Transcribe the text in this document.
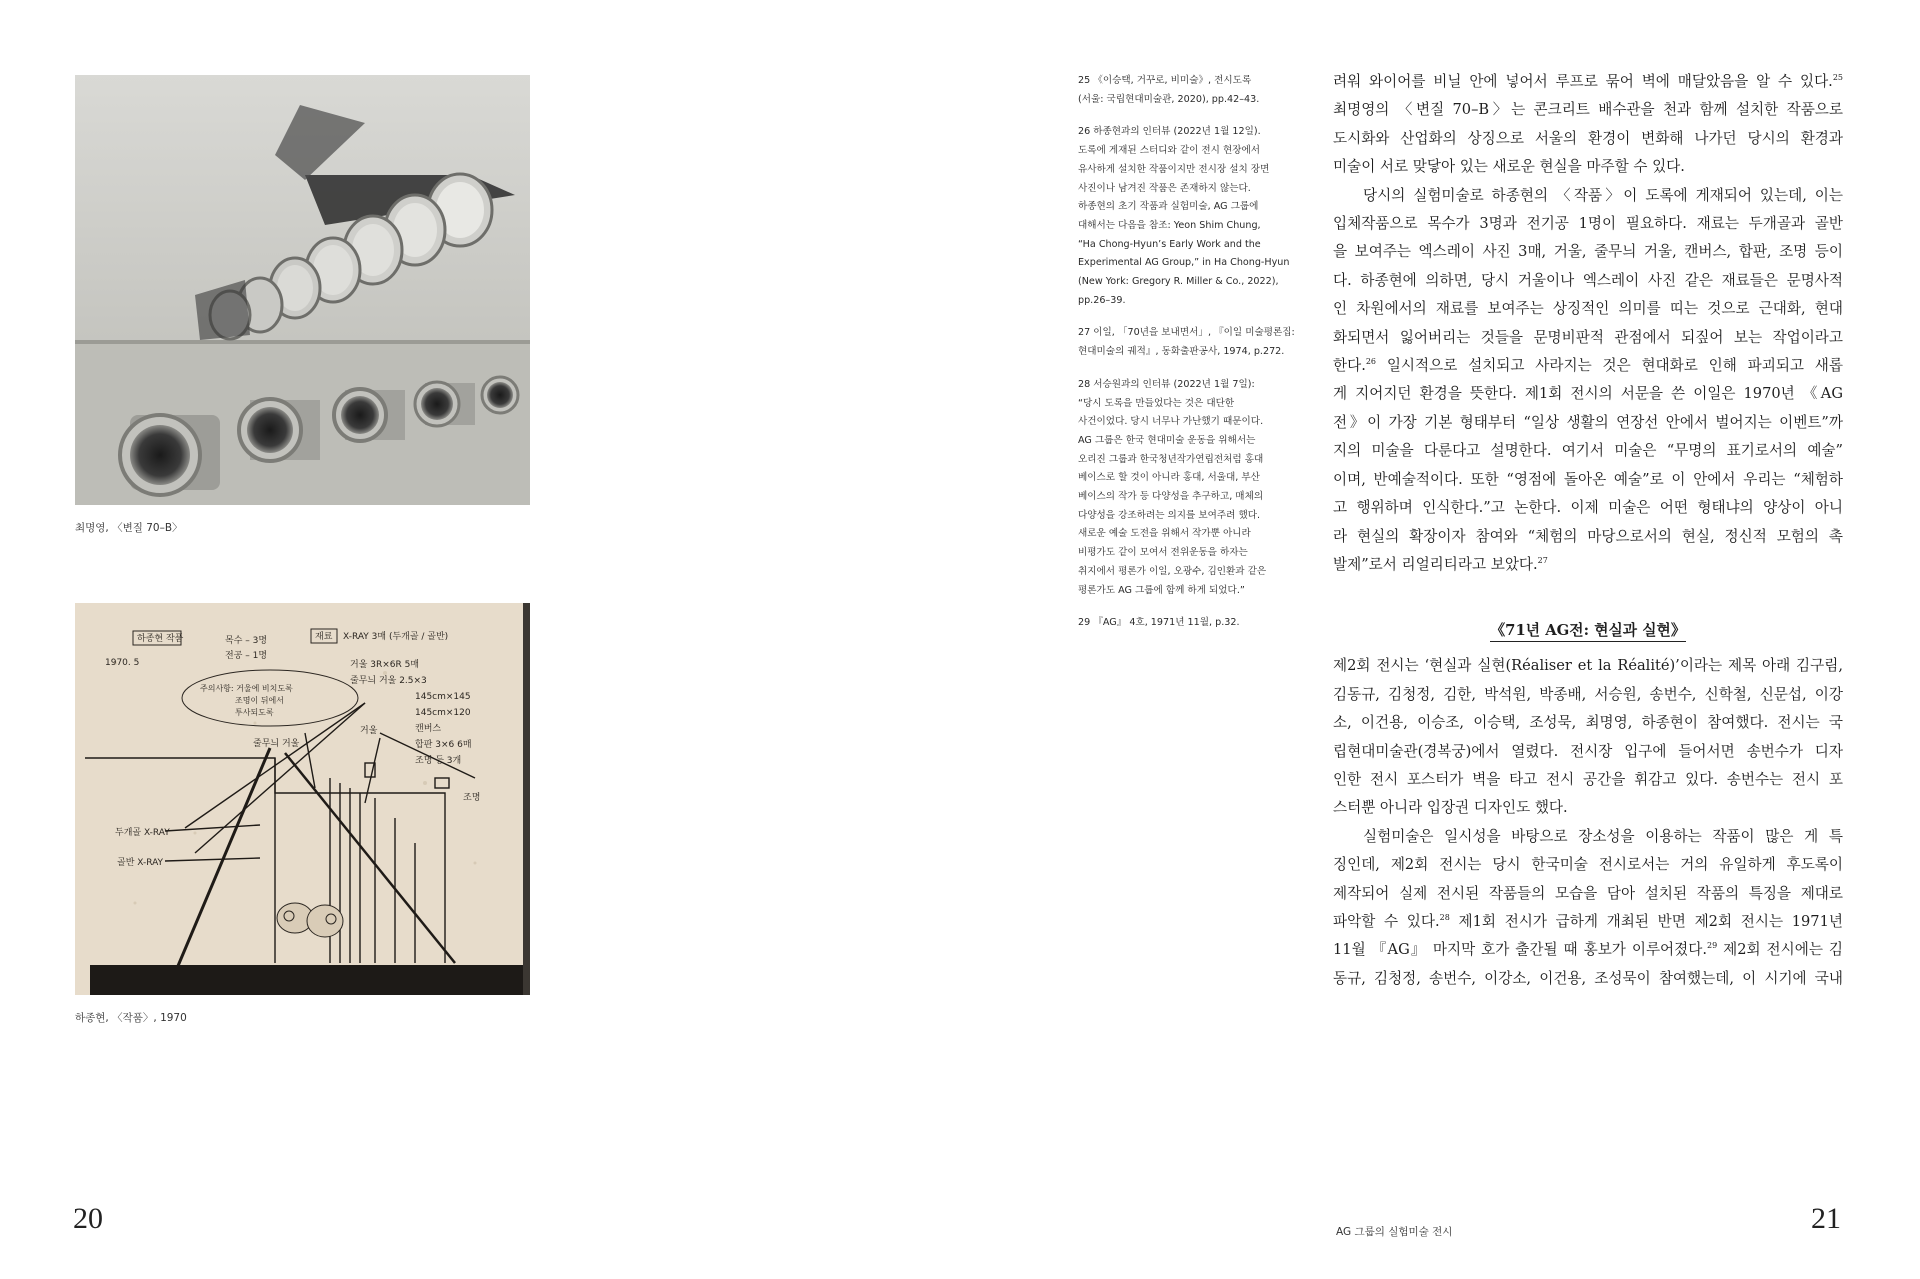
최명영, 〈변질 70–B〉
하종현 작품
1970. 5
목수 – 3명
전공 – 1명
재료 X-RAY 3매 (두개골 / 골반)
거울 3R×6R 5매
줄무늬 거울 2.5×3
145cm×145
145cm×120
캔버스
합판 3×6 6매
조명 등 3개
주의사항: 거울에 비치도록
조명이 뒤에서
투사되도록
줄무늬 거울
거울
두개골 X-RAY
골반 X-RAY
조명
하종현, 〈작품〉, 1970
20
25 《이승택, 거꾸로, 비미술》, 전시도록
(서울: 국립현대미술관, 2020), pp.42–43.
26 하종현과의 인터뷰 (2022년 1월 12일).
도록에 게재된 스터디와 같이 전시 현장에서
유사하게 설치한 작품이지만 전시장 설치 장면
사진이나 남겨진 작품은 존재하지 않는다.
하종현의 초기 작품과 실험미술, AG 그룹에
대해서는 다음을 참조: Yeon Shim Chung,
“Ha Chong-Hyun’s Early Work and the
Experimental AG Group,” in Ha Chong-Hyun
(New York: Gregory R. Miller & Co., 2022),
pp.26–39.
27 이일, 「70년을 보내면서」, 『이일 미술평론집:
현대미술의 궤적』, 동화출판공사, 1974, p.272.
28 서승원과의 인터뷰 (2022년 1월 7일):
“당시 도록을 만들었다는 것은 대단한
사건이었다. 당시 너무나 가난했기 때문이다.
AG 그룹은 한국 현대미술 운동을 위해서는
오리진 그룹과 한국청년작가연립전처럼 홍대
베이스로 할 것이 아니라 홍대, 서울대, 부산
베이스의 작가 등 다양성을 추구하고, 매체의
다양성을 강조하려는 의지를 보여주려 했다.
새로운 예술 도전을 위해서 작가뿐 아니라
비평가도 같이 모여서 전위운동을 하자는
취지에서 평론가 이일, 오광수, 김인환과 같은
평론가도 AG 그룹에 함께 하게 되었다.”
29 『AG』 4호, 1971년 11월, p.32.
려워 와이어를 비닐 안에 넣어서 루프로 묶어 벽에 매달았음을 알 수 있다.$^{25}$
최명영의 〈변질 70–B〉는 콘크리트 배수관을 천과 함께 설치한 작품으로
도시화와 산업화의 상징으로 서울의 환경이 변화해 나가던 당시의 환경과
미술이 서로 맞닿아 있는 새로운 현실을 마주할 수 있다.
당시의 실험미술로 하종현의 〈작품〉이 도록에 게재되어 있는데, 이는
입체작품으로 목수가 3명과 전기공 1명이 필요하다. 재료는 두개골과 골반
을 보여주는 엑스레이 사진 3매, 거울, 줄무늬 거울, 캔버스, 합판, 조명 등이
다. 하종현에 의하면, 당시 거울이나 엑스레이 사진 같은 재료들은 문명사적
인 차원에서의 재료를 보여주는 상징적인 의미를 띠는 것으로 근대화, 현대
화되면서 잃어버리는 것들을 문명비판적 관점에서 되짚어 보는 작업이라고
한다.$^{26}$ 일시적으로 설치되고 사라지는 것은 현대화로 인해 파괴되고 새롭
게 지어지던 환경을 뜻한다. 제1회 전시의 서문을 쓴 이일은 1970년 《AG
전》이 가장 기본 형태부터 “일상 생활의 연장선 안에서 벌어지는 이벤트”까
지의 미술을 다룬다고 설명한다. 여기서 미술은 “무명의 표기로서의 예술”
이며, 반예술적이다. 또한 “영점에 돌아온 예술”로 이 안에서 우리는 “체험하
고 행위하며 인식한다.”고 논한다. 이제 미술은 어떤 형태냐의 양상이 아니
라 현실의 확장이자 참여와 “체험의 마당으로서의 현실, 정신적 모험의 촉
발제”로서 리얼리티라고 보았다.$^{27}$
《71년 AG전: 현실과 실현》
제2회 전시는 ‘현실과 실현(Réaliser et la Réalité)’이라는 제목 아래 김구림,
김동규, 김청정, 김한, 박석원, 박종배, 서승원, 송번수, 신학철, 신문섭, 이강
소, 이건용, 이승조, 이승택, 조성묵, 최명영, 하종현이 참여했다. 전시는 국
립현대미술관(경복궁)에서 열렸다. 전시장 입구에 들어서면 송번수가 디자
인한 전시 포스터가 벽을 타고 전시 공간을 휘감고 있다. 송번수는 전시 포
스터뿐 아니라 입장권 디자인도 했다.
실험미술은 일시성을 바탕으로 장소성을 이용하는 작품이 많은 게 특
징인데, 제2회 전시는 당시 한국미술 전시로서는 거의 유일하게 후도록이
제작되어 실제 전시된 작품들의 모습을 담아 설치된 작품의 특징을 제대로
파악할 수 있다.$^{28}$ 제1회 전시가 급하게 개최된 반면 제2회 전시는 1971년
11월 『AG』 마지막 호가 출간될 때 홍보가 이루어졌다.$^{29}$ 제2회 전시에는 김
동규, 김청정, 송번수, 이강소, 이건용, 조성묵이 참여했는데, 이 시기에 국내
AG 그룹의 실험미술 전시	21
